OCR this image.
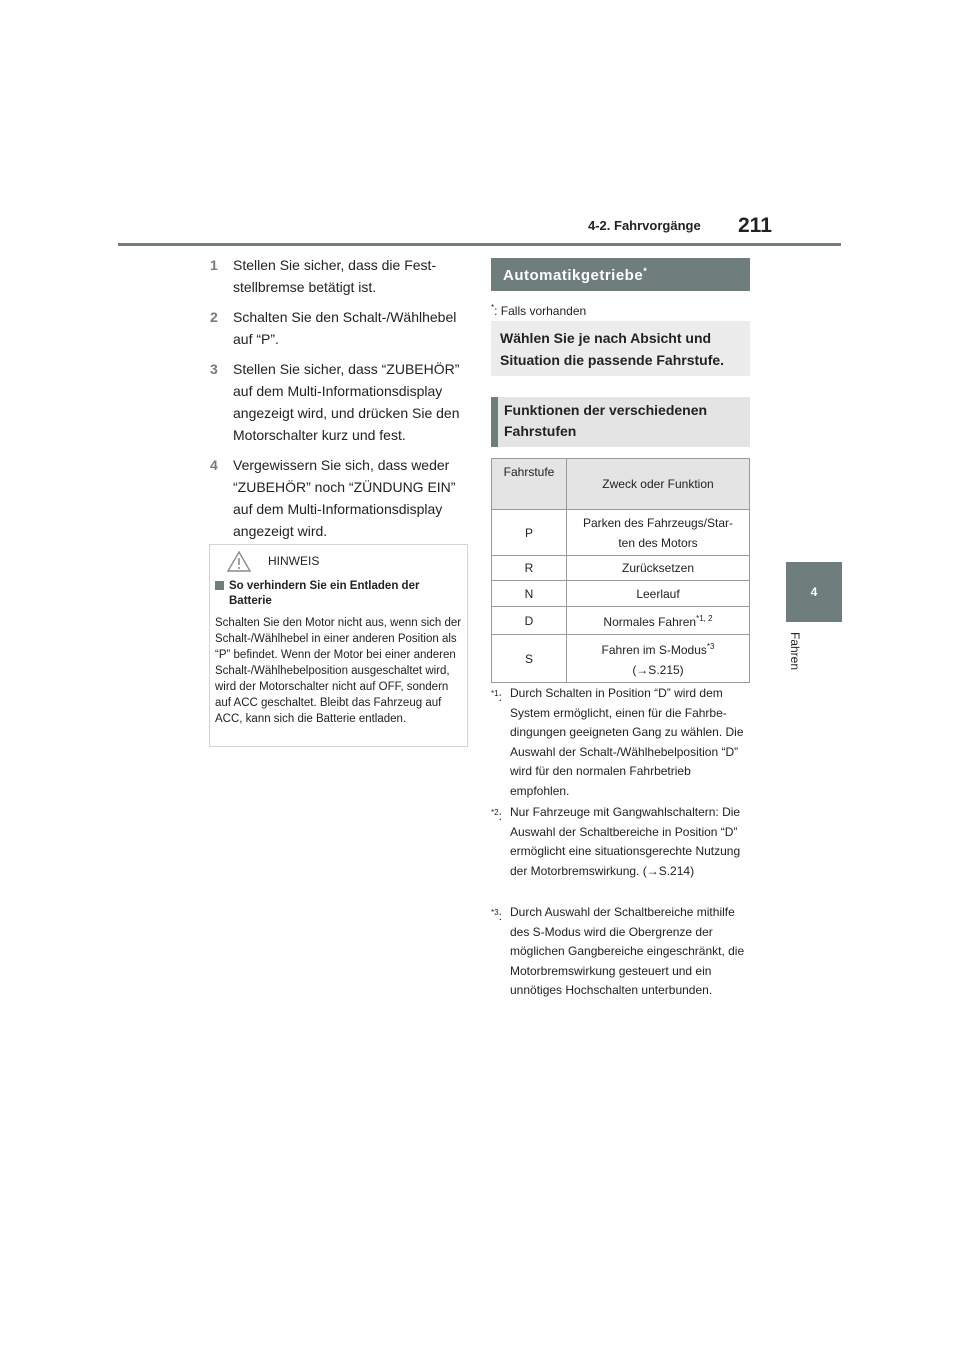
4-2. Fahrvorgänge 211
4
Fahren
1 Stellen Sie sicher, dass die Feststellbremse betätigt ist.
2 Schalten Sie den Schalt-/Wählhebel auf “P”.
3 Stellen Sie sicher, dass “ZUBEHÖR” auf dem Multi-Informationsdisplay angezeigt wird, und drücken Sie den Motorschalter kurz und fest.
4 Vergewissern Sie sich, dass weder “ZUBEHÖR” noch “ZÜNDUNG EIN” auf dem Multi-Informationsdisplay angezeigt wird.
HINWEIS
So verhindern Sie ein Entladen der Batterie
Schalten Sie den Motor nicht aus, wenn sich der Schalt-/Wählhebel in einer anderen Position als “P” befindet. Wenn der Motor bei einer anderen Schalt-/Wählhebelposition ausgeschaltet wird, wird der Motorschalter nicht auf OFF, sondern auf ACC geschaltet. Bleibt das Fahrzeug auf ACC, kann sich die Batterie entladen.
Automatikgetriebe*
*: Falls vorhanden
Wählen Sie je nach Absicht und Situation die passende Fahrstufe.
Funktionen der verschiedenen Fahrstufen
Fahrstufe	Zweck oder Funktion
P	Parken des Fahrzeugs/Starten des Motors
R	Zurücksetzen
N	Leerlauf
D	Normales Fahren$^{*1, 2}$
S	Fahren im S-Modus$^{*3}$
(→S.215)
$^{*1}$: Durch Schalten in Position “D” wird dem System ermöglicht, einen für die Fahrbedingungen geeigneten Gang zu wählen. Die Auswahl der Schalt-/Wählhebelposition “D” wird für den normalen Fahrbetrieb empfohlen.
$^{*2}$: Nur Fahrzeuge mit Gangwahlschaltern: Die Auswahl der Schaltbereiche in Position “D” ermöglicht eine situationsgerechte Nutzung der Motorbremswirkung. (→S.214)
$^{*3}$: Durch Auswahl der Schaltbereiche mithilfe des S-Modus wird die Obergrenze der möglichen Gangbereiche eingeschränkt, die Motorbremswirkung gesteuert und ein unnötiges Hochschalten unterbunden.
